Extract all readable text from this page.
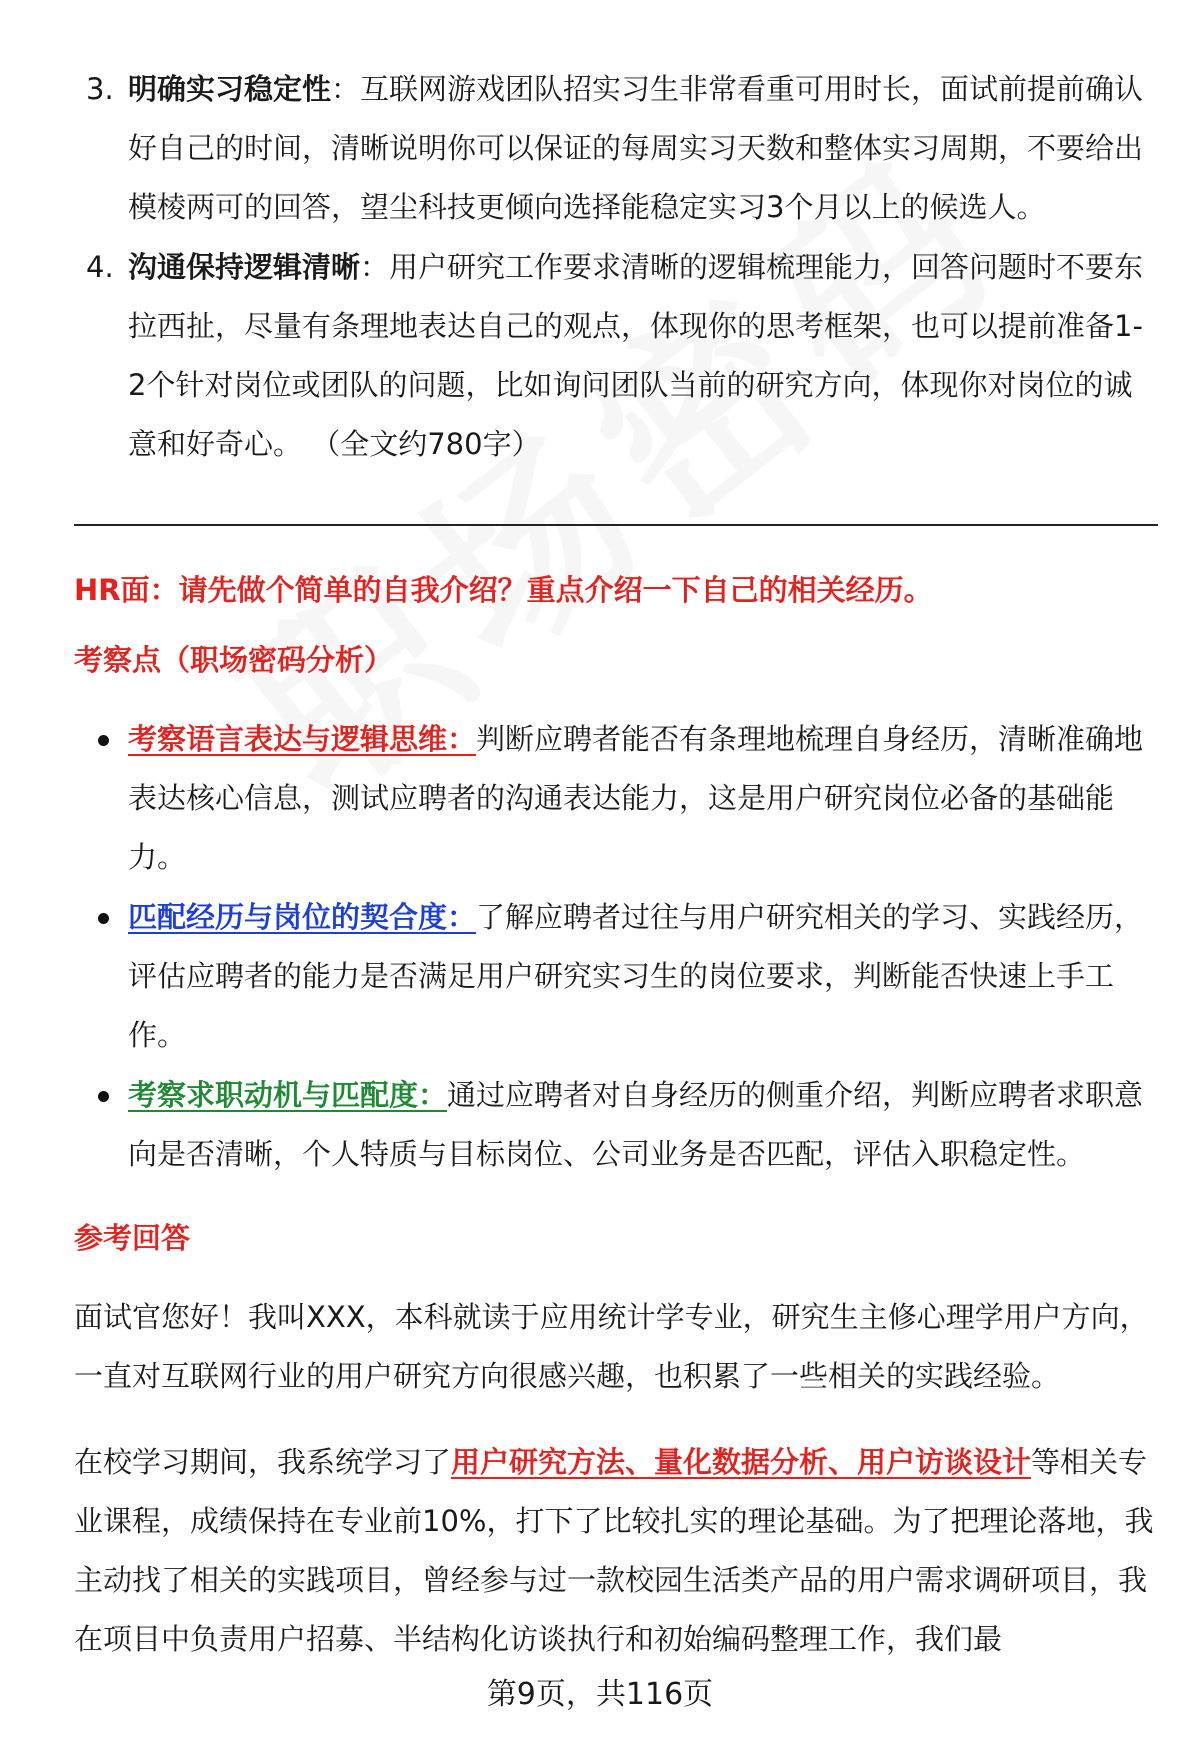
3. 明确实习稳定性：互联网游戏团队招实习生非常看重可用时长，面试前提前确认好自己的时间，清晰说明你可以保证的每周实习天数和整体实习周期，不要给出模棱两可的回答，望尘科技更倾向选择能稳定实习3个月以上的候选人。
4. 沟通保持逻辑清晰：用户研究工作要求清晰的逻辑梳理能力，回答问题时不要东拉西扯，尽量有条理地表达自己的观点，体现你的思考框架，也可以提前准备1-2个针对岗位或团队的问题，比如询问团队当前的研究方向，体现你对岗位的诚意和好奇心。 （全文约780字）
HR面：请先做个简单的自我介绍？重点介绍一下自己的相关经历。
考察点（职场密码分析）
考察语言表达与逻辑思维：判断应聘者能否有条理地梳理自身经历，清晰准确地表达核心信息，测试应聘者的沟通表达能力，这是用户研究岗位必备的基础能力。
匹配经历与岗位的契合度：了解应聘者过往与用户研究相关的学习、实践经历，评估应聘者的能力是否满足用户研究实习生的岗位要求，判断能否快速上手工作。
考察求职动机与匹配度：通过应聘者对自身经历的侧重介绍，判断应聘者求职意向是否清晰，个人特质与目标岗位、公司业务是否匹配，评估入职稳定性。
参考回答

面试官您好！我叫XXX，本科就读于应用统计学专业，研究生主修心理学用户方向，一直对互联网行业的用户研究方向很感兴趣，也积累了一些相关的实践经验。

在校学习期间，我系统学习了用户研究方法、量化数据分析、用户访谈设计等相关专业课程，成绩保持在专业前10%，打下了比较扎实的理论基础。为了把理论落地，我主动找了相关的实践项目，曾经参与过一款校园生活类产品的用户需求调研项目，我在项目中负责用户招募、半结构化访谈执行和初始编码整理工作，我们最

第9页，共116页
